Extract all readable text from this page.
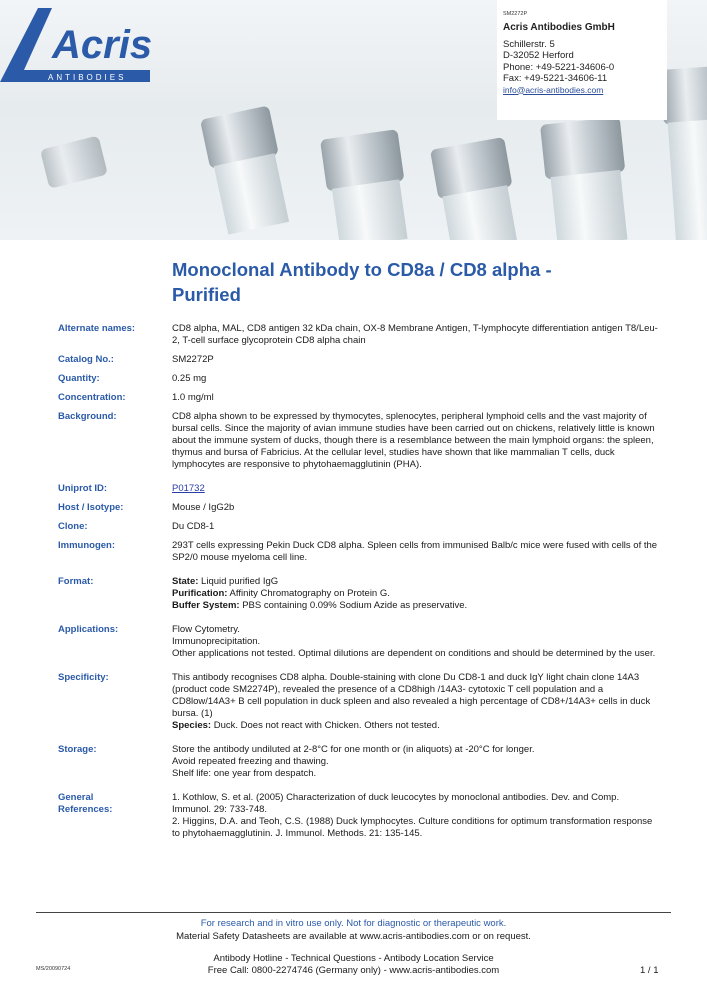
Acris
ANTIBODIES
SM2272P
Acris Antibodies GmbH
Schillerstr. 5
D-32052 Herford
Phone: +49-5221-34606-0
Fax: +49-5221-34606-11
info@acris-antibodies.com
Monoclonal Antibody to CD8a / CD8 alpha -
Purified
Alternate names:	CD8 alpha, MAL, CD8 antigen 32 kDa chain, OX-8 Membrane Antigen, T-lymphocyte differentiation antigen T8/Leu-2, T-cell surface glycoprotein CD8 alpha chain
Catalog No.:	SM2272P
Quantity:	0.25 mg
Concentration:	1.0 mg/ml
Background:	CD8 alpha shown to be expressed by thymocytes, splenocytes, peripheral lymphoid cells and the vast majority of bursal cells. Since the majority of avian immune studies have been carried out on chickens, relatively little is known about the immune system of ducks, though there is a resemblance between the main lymphoid organs: the spleen, thymus and bursa of Fabricius. At the cellular level, studies have shown that like mammalian T cells, duck lymphocytes are responsive to phytohaemagglutinin (PHA).
Uniprot ID:	P01732
Host / Isotype:	Mouse / IgG2b
Clone:	Du CD8-1
Immunogen:	293T cells expressing Pekin Duck CD8 alpha. Spleen cells from immunised Balb/c mice were fused with cells of the SP2/0 mouse myeloma cell line.
Format:	State: Liquid purified IgG
Purification: Affinity Chromatography on Protein G.
Buffer System: PBS containing 0.09% Sodium Azide as preservative.
Applications:	Flow Cytometry.
Immunoprecipitation.
Other applications not tested. Optimal dilutions are dependent on conditions and should be determined by the user.
Specificity:	This antibody recognises CD8 alpha. Double-staining with clone Du CD8-1 and duck IgY light chain clone 14A3 (product code SM2274P), revealed the presence of a CD8high /14A3- cytotoxic T cell population and a CD8low/14A3+ B cell population in duck spleen and also revealed a high percentage of CD8+/14A3+ cells in duck bursa. (1)
Species: Duck. Does not react with Chicken. Others not tested.
Storage:	Store the antibody undiluted at 2-8°C for one month or (in aliquots) at -20°C for longer.
Avoid repeated freezing and thawing.
Shelf life: one year from despatch.
General References:
1. Kothlow, S. et al. (2005) Characterization of duck leucocytes by monoclonal antibodies. Dev. and Comp. Immunol. 29: 733-748.
2. Higgins, D.A. and Teoh, C.S. (1988) Duck lymphocytes. Culture conditions for optimum transformation response to phytohaemagglutinin. J. Immunol. Methods. 21: 135-145.
For research and in vitro use only. Not for diagnostic or therapeutic work.
Material Safety Datasheets are available at www.acris-antibodies.com or on request.
Antibody Hotline - Technical Questions - Antibody Location Service
Free Call: 0800-2274746 (Germany only) - www.acris-antibodies.com
MS/20090724	1 / 1
